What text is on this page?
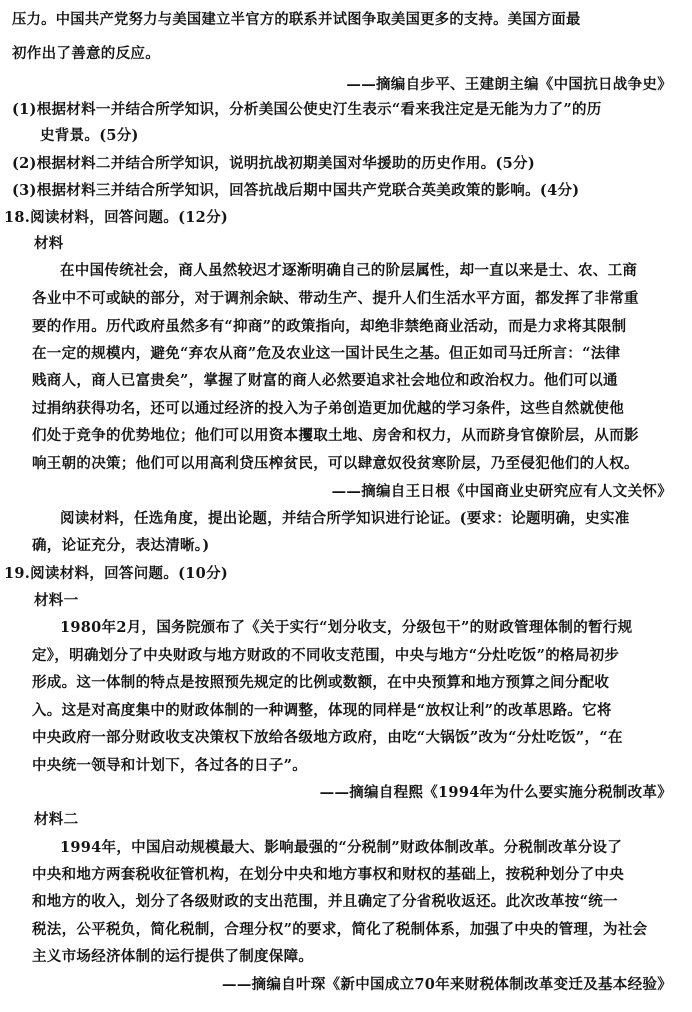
压力。中国共产党努力与美国建立半官方的联系并试图争取美国更多的支持。美国方面最
初作出了善意的反应。
——摘编自步平、王建朗主编《中国抗日战争史》
(1)根据材料一并结合所学知识，分析美国公使史汀生表示“看来我注定是无能为力了”的历
史背景。(5分)
(2)根据材料二并结合所学知识，说明抗战初期美国对华援助的历史作用。(5分)
(3)根据材料三并结合所学知识，回答抗战后期中国共产党联合英美政策的影响。(4分)
18.阅读材料，回答问题。(12分)
材料
在中国传统社会，商人虽然较迟才逐渐明确自己的阶层属性，却一直以来是士、农、工商
各业中不可或缺的部分，对于调剂余缺、带动生产、提升人们生活水平方面，都发挥了非常重
要的作用。历代政府虽然多有“抑商”的政策指向，却绝非禁绝商业活动，而是力求将其限制
在一定的规模内，避免“弃农从商”危及农业这一国计民生之基。但正如司马迁所言：“法律
贱商人，商人已富贵矣”，掌握了财富的商人必然要追求社会地位和政治权力。他们可以通
过捐纳获得功名，还可以通过经济的投入为子弟创造更加优越的学习条件，这些自然就使他
们处于竞争的优势地位；他们可以用资本攫取土地、房舍和权力，从而跻身官僚阶层，从而影
响王朝的决策；他们可以用高利贷压榨贫民，可以肆意奴役贫寒阶层，乃至侵犯他们的人权。
——摘编自王日根《中国商业史研究应有人文关怀》
阅读材料，任选角度，提出论题，并结合所学知识进行论证。(要求：论题明确，史实准
确，论证充分，表达清晰。)
19.阅读材料，回答问题。(10分)
材料一
1980年2月，国务院颁布了《关于实行“划分收支，分级包干”的财政管理体制的暂行规
定》，明确划分了中央财政与地方财政的不同收支范围，中央与地方“分灶吃饭”的格局初步
形成。这一体制的特点是按照预先规定的比例或数额，在中央预算和地方预算之间分配收
入。这是对高度集中的财政体制的一种调整，体现的同样是“放权让利”的改革思路。它将
中央政府一部分财政收支决策权下放给各级地方政府，由吃“大锅饭”改为“分灶吃饭”，“在
中央统一领导和计划下，各过各的日子”。
——摘编自程熙《1994年为什么要实施分税制改革》
材料二
1994年，中国启动规模最大、影响最强的“分税制”财政体制改革。分税制改革分设了
中央和地方两套税收征管机构，在划分中央和地方事权和财权的基础上，按税种划分了中央
和地方的收入，划分了各级财政的支出范围，并且确定了分省税收返还。此次改革按“统一
税法，公平税负，简化税制，合理分权”的要求，简化了税制体系，加强了中央的管理，为社会
主义市场经济体制的运行提供了制度保障。
——摘编自叶琛《新中国成立70年来财税体制改革变迁及基本经验》
